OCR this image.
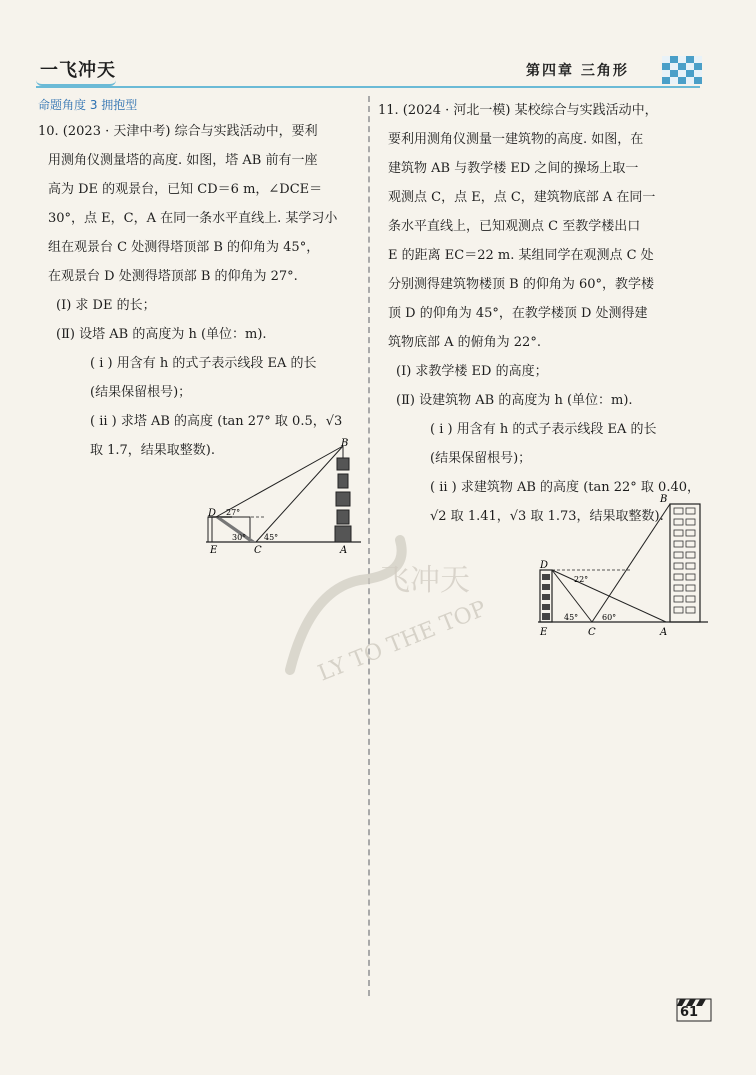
一飞冲天	第四章 三角形
命题角度 3 拥抱型

10. (2023 · 天津中考) 综合与实践活动中，要利

用测角仪测量塔的高度. 如图，塔 AB 前有一座

高为 DE 的观景台，已知 CD＝6 m，∠DCE＝

30°，点 E，C，A 在同一条水平直线上. 某学习小

组在观景台 C 处测得塔顶部 B 的仰角为 45°，

在观景台 D 处测得塔顶部 B 的仰角为 27°.

(Ⅰ) 求 DE 的长；

(Ⅱ) 设塔 AB 的高度为 h (单位：m).

( i ) 用含有 h 的式子表示线段 EA 的长

(结果保留根号)；

( ii ) 求塔 AB 的高度 (tan 27° 取 0.5，√3

取 1.7，结果取整数).	B
D
E	C	A
27°
30° 45°

11. (2024 · 河北一模) 某校综合与实践活动中，

要利用测角仪测量一建筑物的高度. 如图，在

建筑物 AB 与教学楼 ED 之间的操场上取一

观测点 C，点 E，点 C，建筑物底部 A 在同一

条水平直线上，已知观测点 C 至教学楼出口

E 的距离 EC＝22 m. 某组同学在观测点 C 处

分别测得建筑物楼顶 B 的仰角为 60°，教学楼

顶 D 的仰角为 45°，在教学楼顶 D 处测得建

筑物底部 A 的俯角为 22°.

(Ⅰ) 求教学楼 ED 的高度；

(Ⅱ) 设建筑物 AB 的高度为 h (单位：m).

( i ) 用含有 h 的式子表示线段 EA 的长

(结果保留根号)；

( ii ) 求建筑物 AB 的高度 (tan 22° 取 0.40，

√2 取 1.41，√3 取 1.73，结果取整数).

B
D
E	C	A
22°
45°	60°
飞冲天
LY TO THE TOP
61
